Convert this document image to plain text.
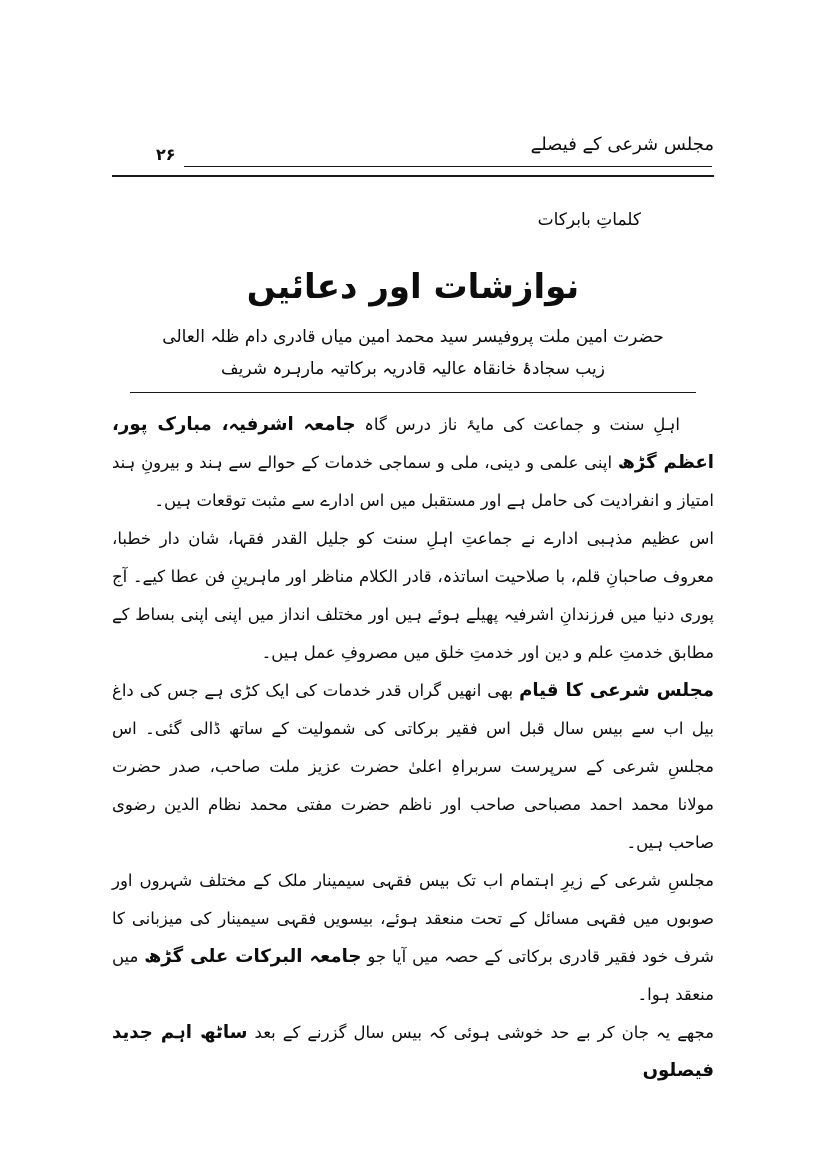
۲۶	مجلس شرعی کے فیصلے
کلماتِ بابرکات
نوازشات اور دعائیں
حضرت امین ملت پروفیسر سید محمد امین میاں قادری دام ظلہ العالی
زیب سجادۂ خانقاہ عالیہ قادریہ برکاتیہ مارہرہ شریف

اہلِ سنت و جماعت کی مایۂ ناز درس گاہ جامعہ اشرفیہ، مبارک پور، اعظم گڑھ اپنی علمی و دینی، ملی و سماجی خدمات کے حوالے سے ہند و بیرونِ ہند امتیاز و انفرادیت کی حامل ہے اور مستقبل میں اس ادارے سے مثبت توقعات ہیں۔

اس عظیم مذہبی ادارے نے جماعتِ اہلِ سنت کو جلیل القدر فقہا، شان دار خطبا، معروف صاحبانِ قلم، با صلاحیت اساتذہ، قادر الکلام مناظر اور ماہرینِ فن عطا کیے۔ آج پوری دنیا میں فرزندانِ اشرفیہ پھیلے ہوئے ہیں اور مختلف انداز میں اپنی اپنی بساط کے مطابق خدمتِ علم و دین اور خدمتِ خلق میں مصروفِ عمل ہیں۔

مجلس شرعی کا قیام بھی انھیں گراں قدر خدمات کی ایک کڑی ہے جس کی داغ بیل اب سے بیس سال قبل اس فقیر برکاتی کی شمولیت کے ساتھ ڈالی گئی۔ اس مجلسِ شرعی کے سرپرست سربراہِ اعلیٰ حضرت عزیز ملت صاحب، صدر حضرت مولانا محمد احمد مصباحی صاحب اور ناظم حضرت مفتی محمد نظام الدین رضوی صاحب ہیں۔

مجلسِ شرعی کے زیرِ اہتمام اب تک بیس فقہی سیمینار ملک کے مختلف شہروں اور صوبوں میں فقہی مسائل کے تحت منعقد ہوئے، بیسویں فقہی سیمینار کی میزبانی کا شرف خود فقیر قادری برکاتی کے حصہ میں آیا جو جامعہ البرکات علی گڑھ میں منعقد ہوا۔

مجھے یہ جان کر بے حد خوشی ہوئی کہ بیس سال گزرنے کے بعد ساٹھ اہم جدید فیصلوں
